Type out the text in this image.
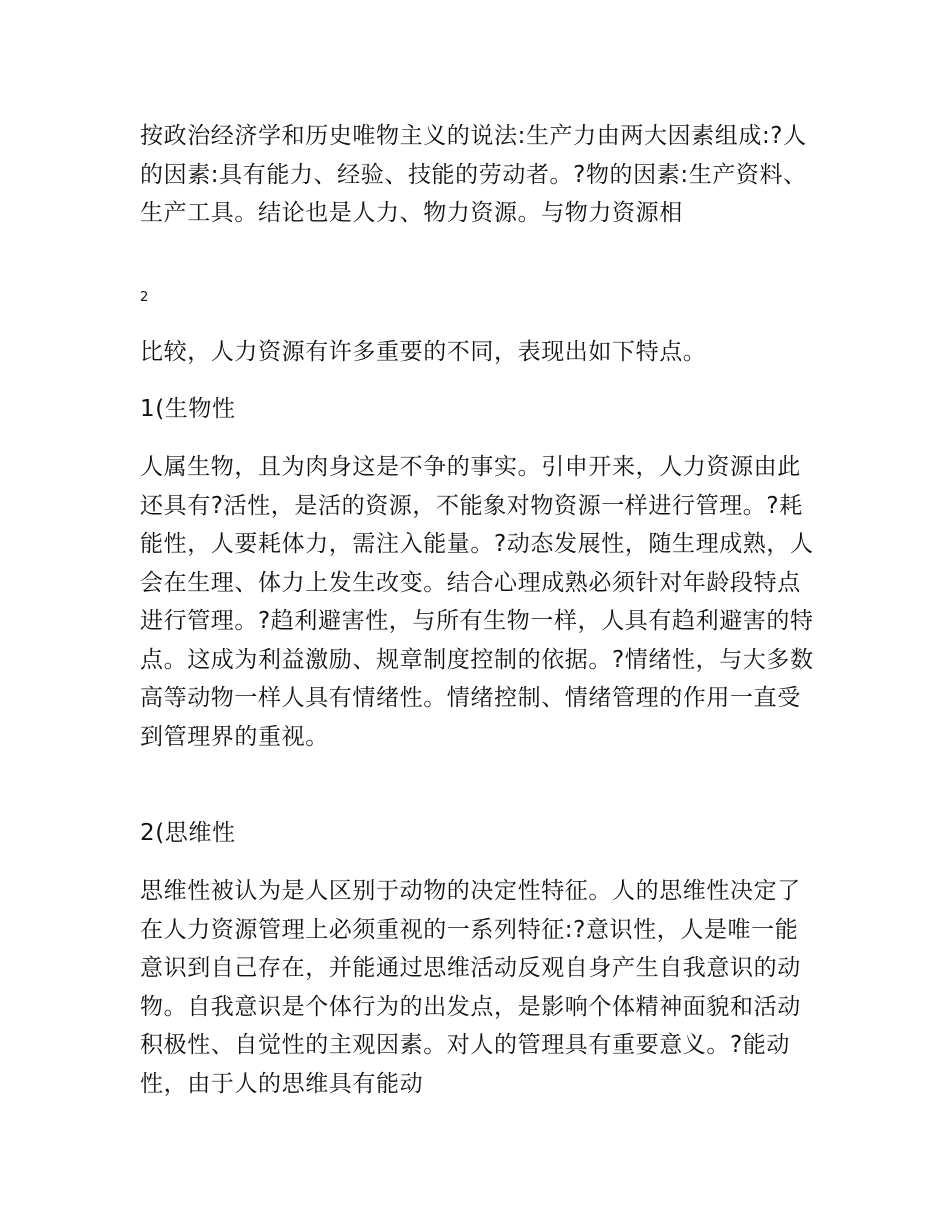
按政治经济学和历史唯物主义的说法:生产力由两大因素组成:?人的因素:具有能力、经验、技能的劳动者。?物的因素:生产资料、生产工具。结论也是人力、物力资源。与物力资源相

2

比较，人力资源有许多重要的不同，表现出如下特点。

1(生物性

人属生物，且为肉身这是不争的事实。引申开来，人力资源由此还具有?活性，是活的资源，不能象对物资源一样进行管理。?耗能性，人要耗体力，需注入能量。?动态发展性，随生理成熟，人会在生理、体力上发生改变。结合心理成熟必须针对年龄段特点进行管理。?趋利避害性，与所有生物一样，人具有趋利避害的特点。这成为利益激励、规章制度控制的依据。?情绪性，与大多数高等动物一样人具有情绪性。情绪控制、情绪管理的作用一直受到管理界的重视。

2(思维性

思维性被认为是人区别于动物的决定性特征。人的思维性决定了在人力资源管理上必须重视的一系列特征:?意识性，人是唯一能意识到自己存在，并能通过思维活动反观自身产生自我意识的动物。自我意识是个体行为的出发点，是影响个体精神面貌和活动积极性、自觉性的主观因素。对人的管理具有重要意义。?能动性，由于人的思维具有能动
